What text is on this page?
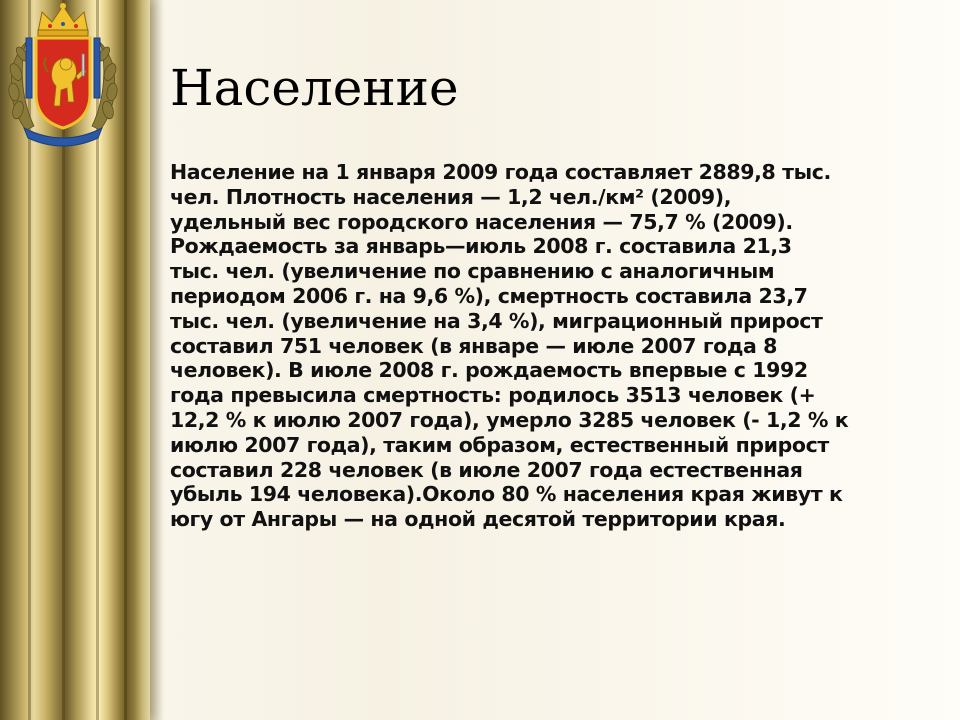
Население
Население на 1 января 2009 года составляет 2889,8 тыс.
чел. Плотность населения — 1,2 чел./км² (2009),
удельный вес городского населения — 75,7 % (2009).
Рождаемость за январь—июль 2008 г. составила 21,3
тыс. чел. (увеличение по сравнению с аналогичным
периодом 2006 г. на 9,6 %), смертность составила 23,7
тыс. чел. (увеличение на 3,4 %), миграционный прирост
составил 751 человек (в январе — июле 2007 года 8
человек). В июле 2008 г. рождаемость впервые с 1992
года превысила смертность: родилось 3513 человек (+
12,2 % к июлю 2007 года), умерло 3285 человек (- 1,2 % к
июлю 2007 года), таким образом, естественный прирост
составил 228 человек (в июле 2007 года естественная
убыль 194 человека).Около 80 % населения края живут к
югу от Ангары — на одной десятой территории края.
